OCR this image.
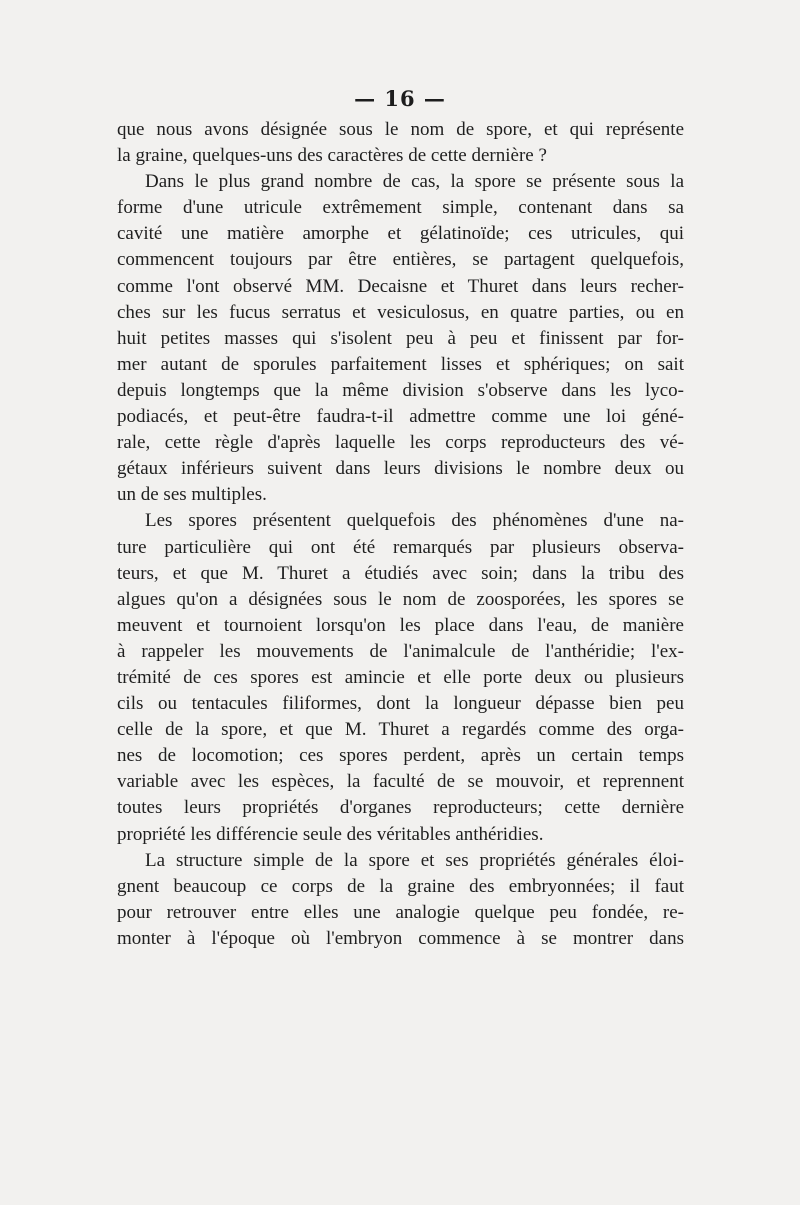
— 16 —
que nous avons désignée sous le nom de spore, et qui représente
la graine, quelques-uns des caractères de cette dernière ?
Dans le plus grand nombre de cas, la spore se présente sous la
forme d'une utricule extrêmement simple, contenant dans sa
cavité une matière amorphe et gélatinoïde; ces utricules, qui
commencent toujours par être entières, se partagent quelquefois,
comme l'ont observé MM. Decaisne et Thuret dans leurs recher-
ches sur les fucus serratus et vesiculosus, en quatre parties, ou en
huit petites masses qui s'isolent peu à peu et finissent par for-
mer autant de sporules parfaitement lisses et sphériques; on sait
depuis longtemps que la même division s'observe dans les lyco-
podiacés, et peut-être faudra-t-il admettre comme une loi géné-
rale, cette règle d'après laquelle les corps reproducteurs des vé-
gétaux inférieurs suivent dans leurs divisions le nombre deux ou
un de ses multiples.
Les spores présentent quelquefois des phénomènes d'une na-
ture particulière qui ont été remarqués par plusieurs observa-
teurs, et que M. Thuret a étudiés avec soin; dans la tribu des
algues qu'on a désignées sous le nom de zoosporées, les spores se
meuvent et tournoient lorsqu'on les place dans l'eau, de manière
à rappeler les mouvements de l'animalcule de l'anthéridie; l'ex-
trémité de ces spores est amincie et elle porte deux ou plusieurs
cils ou tentacules filiformes, dont la longueur dépasse bien peu
celle de la spore, et que M. Thuret a regardés comme des orga-
nes de locomotion; ces spores perdent, après un certain temps
variable avec les espèces, la faculté de se mouvoir, et reprennent
toutes leurs propriétés d'organes reproducteurs; cette dernière
propriété les différencie seule des véritables anthéridies.
La structure simple de la spore et ses propriétés générales éloi-
gnent beaucoup ce corps de la graine des embryonnées; il faut
pour retrouver entre elles une analogie quelque peu fondée, re-
monter à l'époque où l'embryon commence à se montrer dans
